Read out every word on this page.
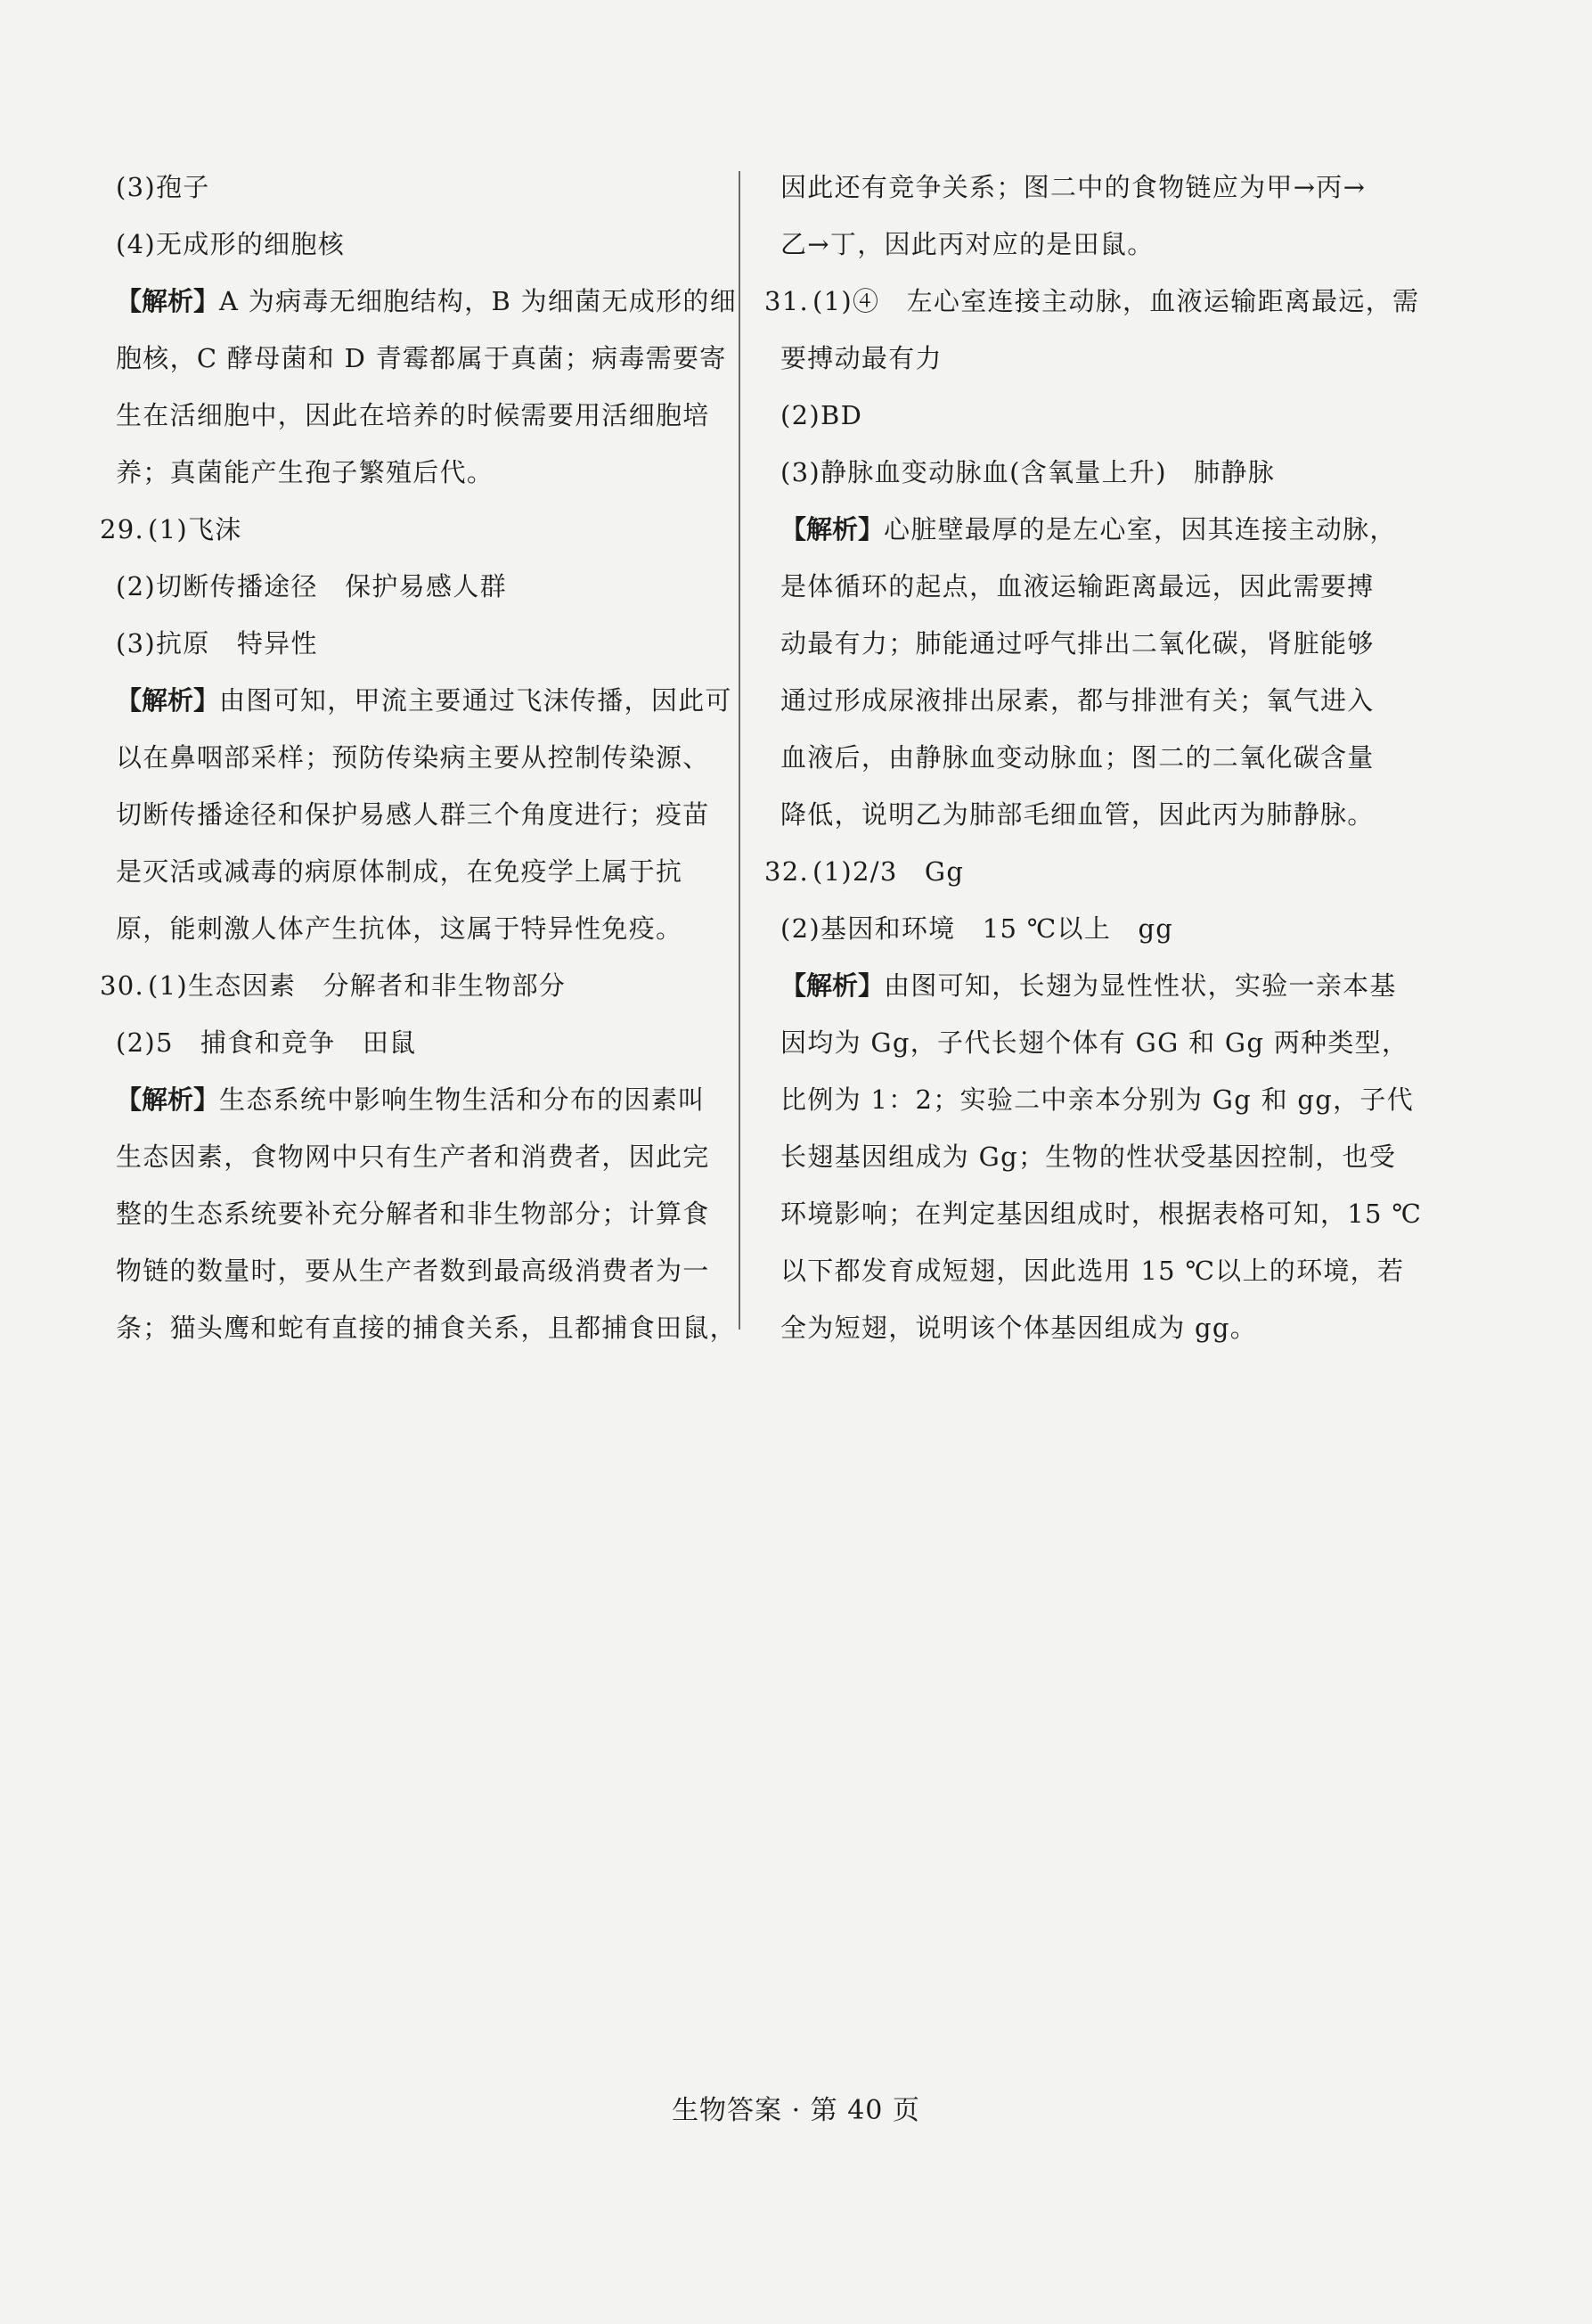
(3)孢子
(4)无成形的细胞核
【解析】A 为病毒无细胞结构，B 为细菌无成形的细
胞核，C 酵母菌和 D 青霉都属于真菌；病毒需要寄
生在活细胞中，因此在培养的时候需要用活细胞培
养；真菌能产生孢子繁殖后代。
29. (1)飞沫
(2)切断传播途径　保护易感人群
(3)抗原　特异性
【解析】由图可知，甲流主要通过飞沫传播，因此可
以在鼻咽部采样；预防传染病主要从控制传染源、
切断传播途径和保护易感人群三个角度进行；疫苗
是灭活或减毒的病原体制成，在免疫学上属于抗
原，能刺激人体产生抗体，这属于特异性免疫。
30. (1)生态因素　分解者和非生物部分
(2)5　捕食和竞争　田鼠
【解析】生态系统中影响生物生活和分布的因素叫
生态因素，食物网中只有生产者和消费者，因此完
整的生态系统要补充分解者和非生物部分；计算食
物链的数量时，要从生产者数到最高级消费者为一
条；猫头鹰和蛇有直接的捕食关系，且都捕食田鼠，
因此还有竞争关系；图二中的食物链应为甲→丙→
乙→丁，因此丙对应的是田鼠。
31. (1)④　左心室连接主动脉，血液运输距离最远，需
要搏动最有力
(2)BD
(3)静脉血变动脉血(含氧量上升)　肺静脉
【解析】心脏壁最厚的是左心室，因其连接主动脉，
是体循环的起点，血液运输距离最远，因此需要搏
动最有力；肺能通过呼气排出二氧化碳，肾脏能够
通过形成尿液排出尿素，都与排泄有关；氧气进入
血液后，由静脉血变动脉血；图二的二氧化碳含量
降低，说明乙为肺部毛细血管，因此丙为肺静脉。
32. (1)2/3　Gg
(2)基因和环境　15 ℃以上　gg
【解析】由图可知，长翅为显性性状，实验一亲本基
因均为 Gg，子代长翅个体有 GG 和 Gg 两种类型，
比例为 1：2；实验二中亲本分别为 Gg 和 gg，子代
长翅基因组成为 Gg；生物的性状受基因控制，也受
环境影响；在判定基因组成时，根据表格可知，15 ℃
以下都发育成短翅，因此选用 15 ℃以上的环境，若
全为短翅，说明该个体基因组成为 gg。
生物答案 · 第 40 页
